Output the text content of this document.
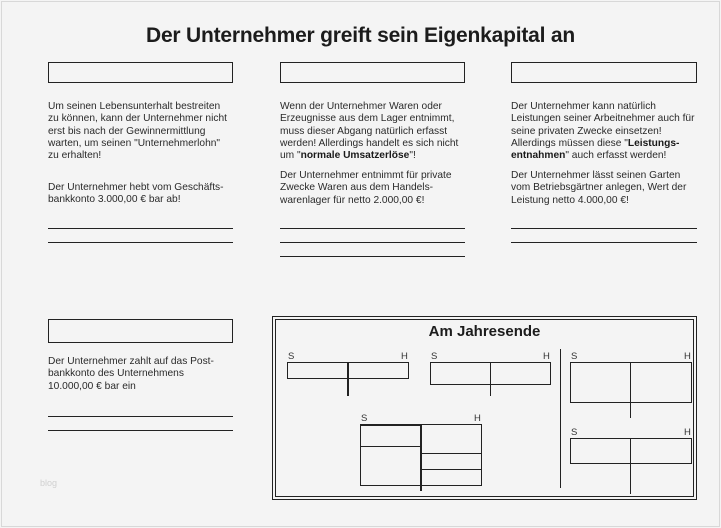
Der Unternehmer greift sein Eigenkapital an
Um seinen Lebensunterhalt bestreiten
zu können, kann der Unternehmer nicht
erst bis nach der Gewinnermittlung
warten, um seinen "Unternehmerlohn"
zu erhalten!
Der Unternehmer hebt vom Geschäfts-
bankkonto 3.000,00 € bar ab!
Wenn der Unternehmer Waren oder
Erzeugnisse aus dem Lager entnimmt,
muss dieser Abgang natürlich erfasst
werden! Allerdings handelt es sich nicht
um "normale Umsatzerlöse"!
Der Unternehmer entnimmt für private
Zwecke Waren aus dem Handels-
warenlager für netto 2.000,00 €!
Der Unternehmer kann natürlich
Leistungen seiner Arbeitnehmer auch für
seine privaten Zwecke einsetzen!
Allerdings müssen diese "Leistungs-
entnahmen" auch erfasst werden!
Der Unternehmer lässt seinen Garten
vom Betriebsgärtner anlegen, Wert der
Leistung netto 4.000,00 €!
Der Unternehmer zahlt auf das Post-
bankkonto des Unternehmens
10.000,00 € bar ein
Am Jahresende
S	H S	H S	H
S	H
S	H
blog
